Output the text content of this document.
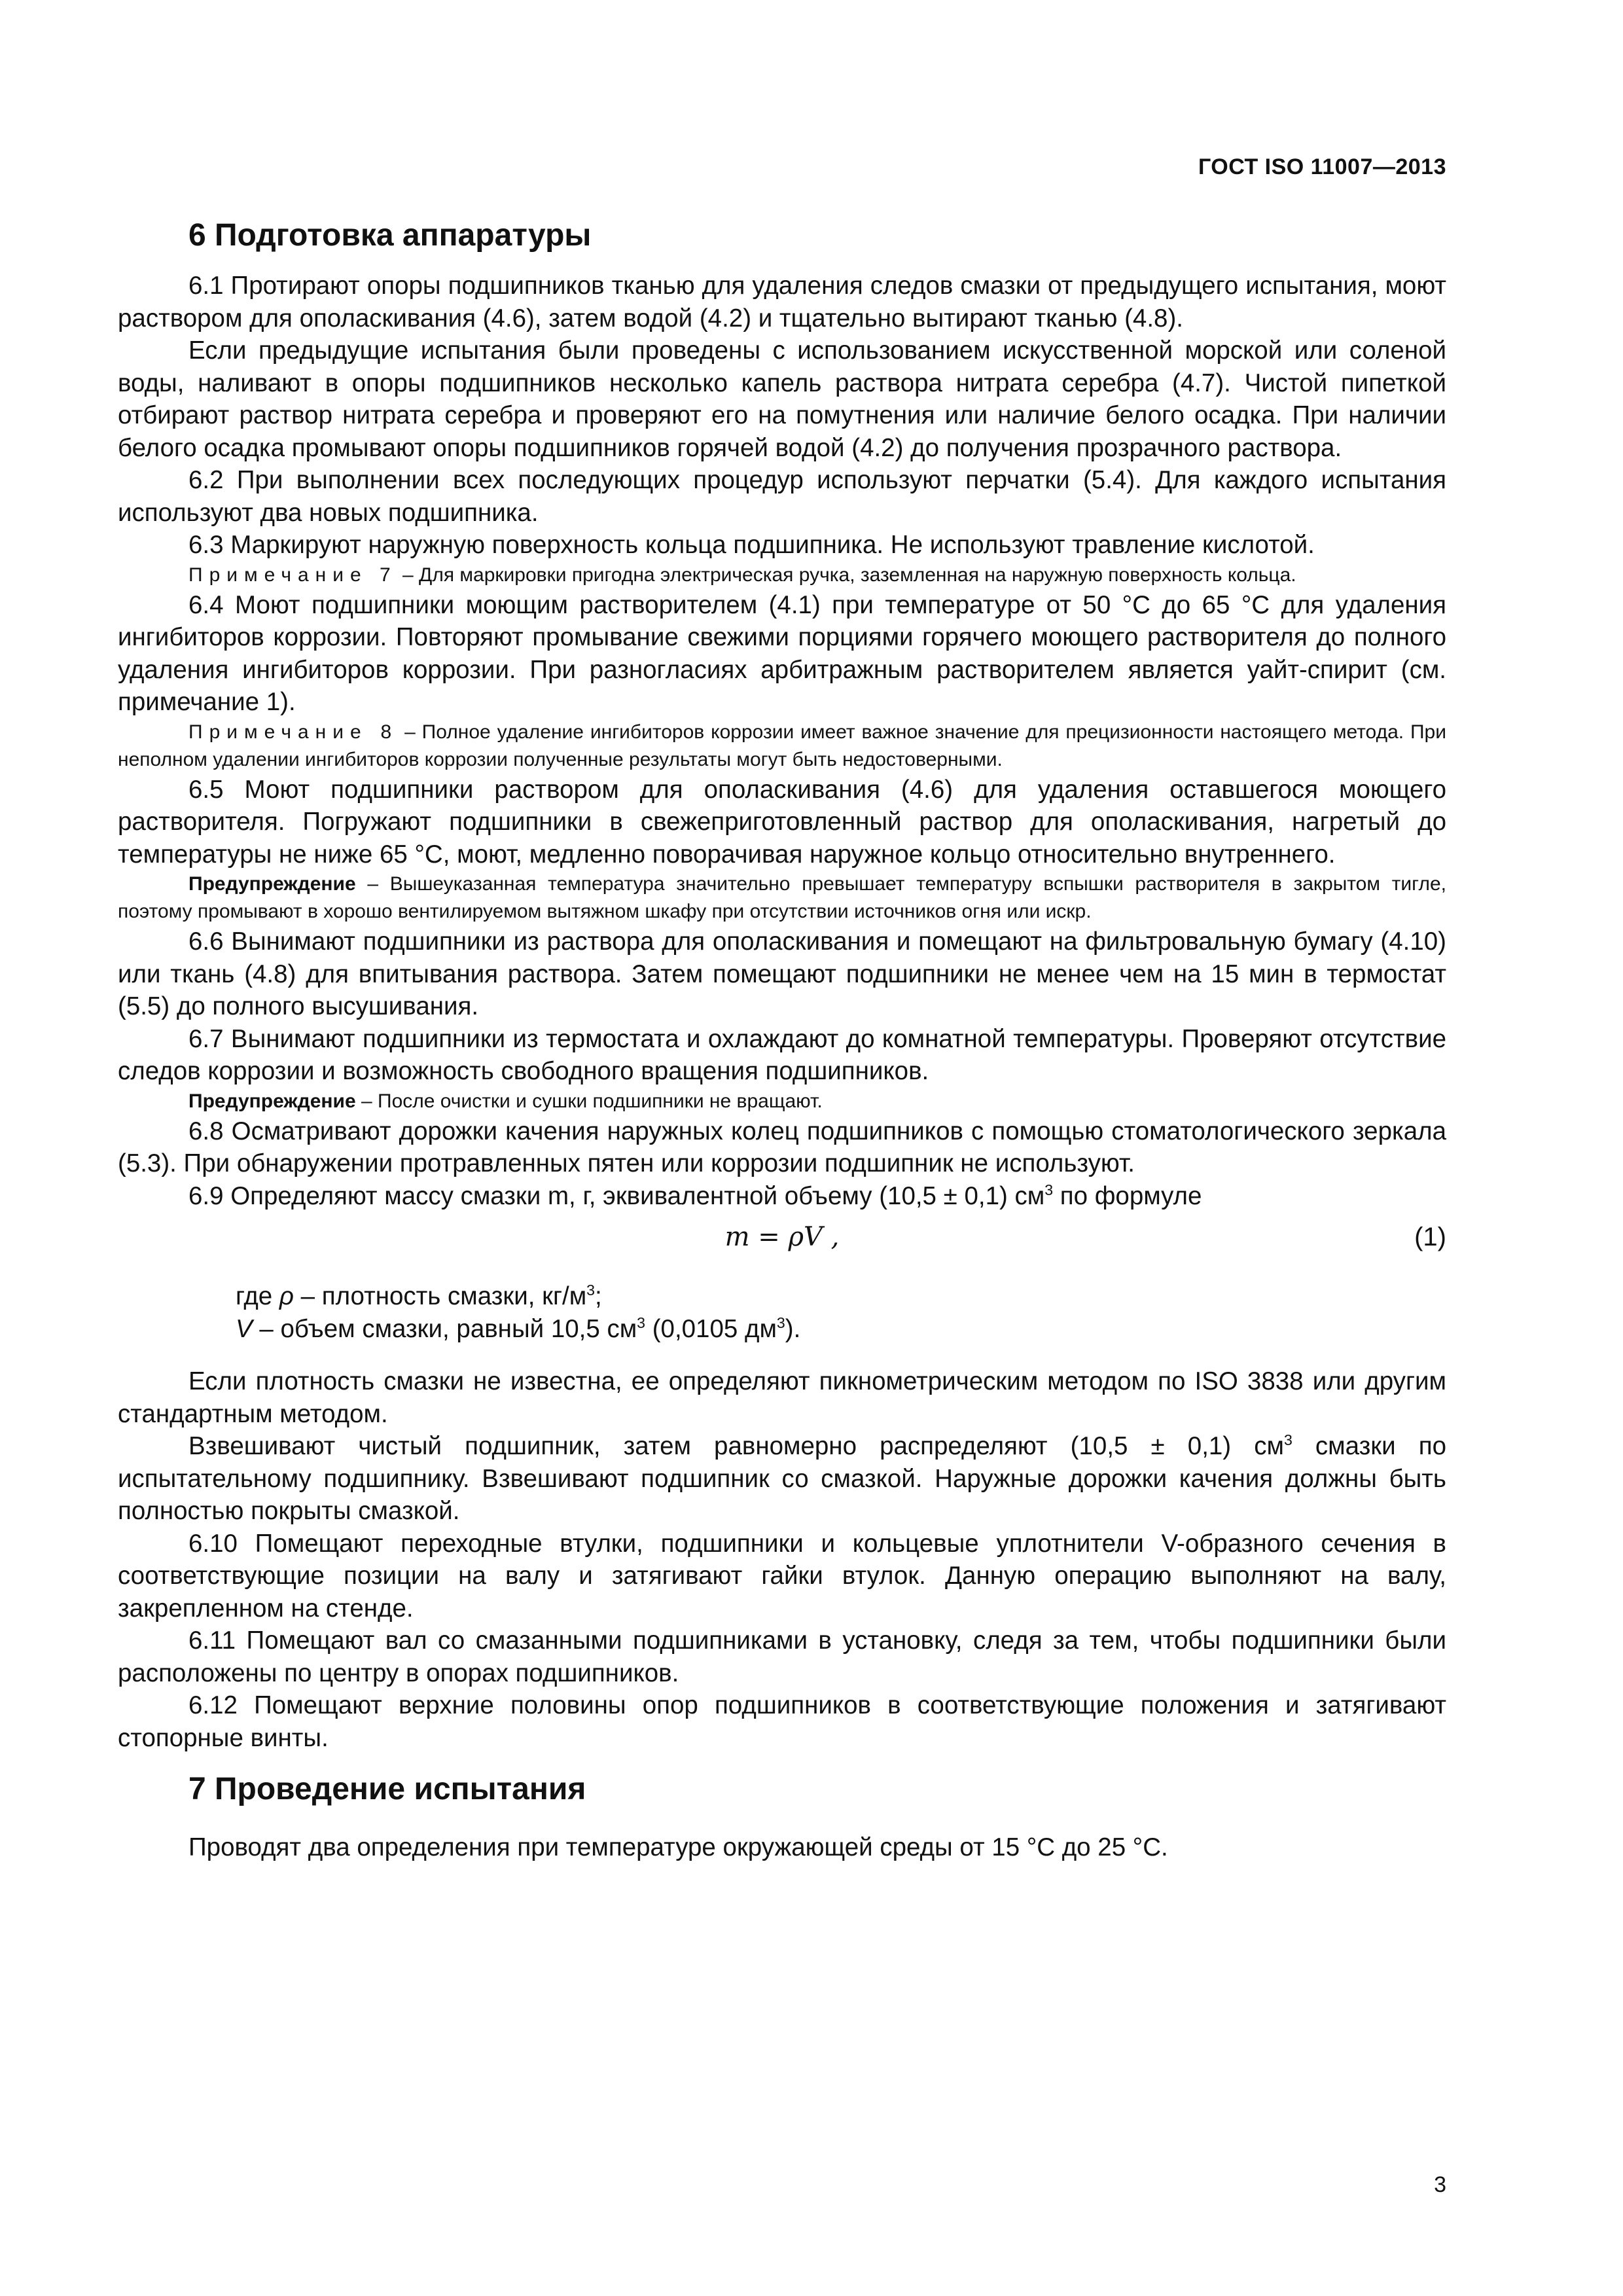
ГОСТ ISO 11007—2013
6 Подготовка аппаратуры

6.1 Протирают опоры подшипников тканью для удаления следов смазки от предыдущего испытания, моют раствором для ополаскивания (4.6), затем водой (4.2) и тщательно вытирают тканью (4.8).

Если предыдущие испытания были проведены с использованием искусственной морской или соленой воды, наливают в опоры подшипников несколько капель раствора нитрата серебра (4.7). Чистой пипеткой отбирают раствор нитрата серебра и проверяют его на помутнения или наличие белого осадка. При наличии белого осадка промывают опоры подшипников горячей водой (4.2) до получения прозрачного раствора.

6.2 При выполнении всех последующих процедур используют перчатки (5.4). Для каждого испытания используют два новых подшипника.

6.3 Маркируют наружную поверхность кольца подшипника. Не используют травление кислотой.

Примечание 7 – Для маркировки пригодна электрическая ручка, заземленная на наружную поверхность кольца.

6.4 Моют подшипники моющим растворителем (4.1) при температуре от 50 °С до 65 °С для удаления ингибиторов коррозии. Повторяют промывание свежими порциями горячего моющего растворителя до полного удаления ингибиторов коррозии. При разногласиях арбитражным растворителем является уайт-спирит (см. примечание 1).

Примечание 8 – Полное удаление ингибиторов коррозии имеет важное значение для прецизионности настоящего метода. При неполном удалении ингибиторов коррозии полученные результаты могут быть недостоверными.

6.5 Моют подшипники раствором для ополаскивания (4.6) для удаления оставшегося моющего растворителя. Погружают подшипники в свежеприготовленный раствор для ополаскивания, нагретый до температуры не ниже 65 °С, моют, медленно поворачивая наружное кольцо относительно внутреннего.

Предупреждение – Вышеуказанная температура значительно превышает температуру вспышки растворителя в закрытом тигле, поэтому промывают в хорошо вентилируемом вытяжном шкафу при отсутствии источников огня или искр.

6.6 Вынимают подшипники из раствора для ополаскивания и помещают на фильтровальную бумагу (4.10) или ткань (4.8) для впитывания раствора. Затем помещают подшипники не менее чем на 15 мин в термостат (5.5) до полного высушивания.

6.7 Вынимают подшипники из термостата и охлаждают до комнатной температуры. Проверяют отсутствие следов коррозии и возможность свободного вращения подшипников.

Предупреждение – После очистки и сушки подшипники не вращают.

6.8 Осматривают дорожки качения наружных колец подшипников с помощью стоматологического зеркала (5.3). При обнаружении протравленных пятен или коррозии подшипник не используют.

6.9 Определяют массу смазки m, г, эквивалентной объему (10,5 ± 0,1) $см^3$ по формуле

m = ρV ,	(1)
где ρ – плотность смазки, $кг/м^3$;
V – объем смазки, равный 10,5 $см^3$ (0,0105 $дм^3$).

Если плотность смазки не известна, ее определяют пикнометрическим методом по ISO 3838 или другим стандартным методом.

Взвешивают чистый подшипник, затем равномерно распределяют (10,5 ± 0,1) $см^3$ смазки по испытательному подшипнику. Взвешивают подшипник со смазкой. Наружные дорожки качения должны быть полностью покрыты смазкой.

6.10 Помещают переходные втулки, подшипники и кольцевые уплотнители V-образного сечения в соответствующие позиции на валу и затягивают гайки втулок. Данную операцию выполняют на валу, закрепленном на стенде.

6.11 Помещают вал со смазанными подшипниками в установку, следя за тем, чтобы подшипники были расположены по центру в опорах подшипников.

6.12 Помещают верхние половины опор подшипников в соответствующие положения и затягивают стопорные винты.

7 Проведение испытания

Проводят два определения при температуре окружающей среды от 15 °С до 25 °С.

3
